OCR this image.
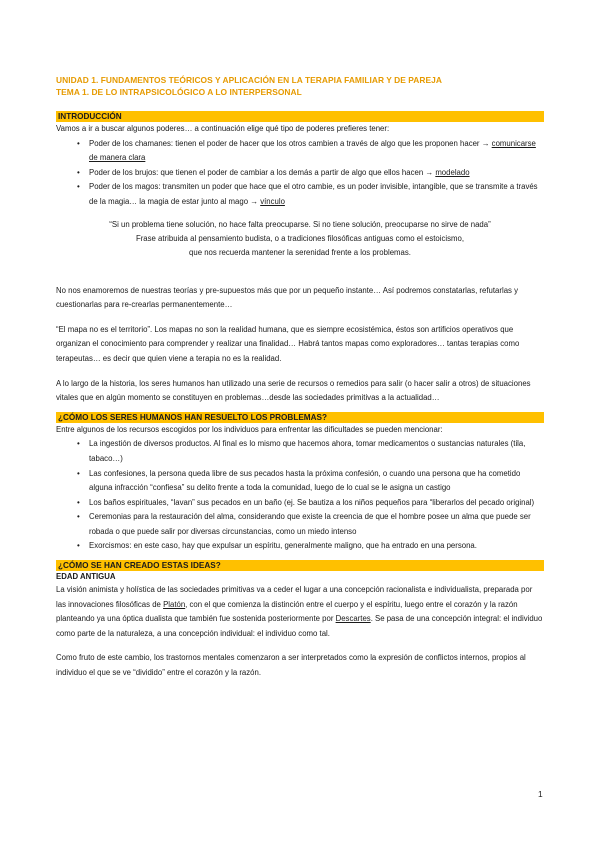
UNIDAD 1. FUNDAMENTOS TEÓRICOS Y APLICACIÓN EN LA TERAPIA FAMILIAR Y DE PAREJA
TEMA 1. DE LO INTRAPSICOLÓGICO A LO INTERPERSONAL
INTRODUCCIÓN
Vamos a ir a buscar algunos poderes… a continuación elige qué tipo de poderes prefieres tener:
• Poder de los chamanes: tienen el poder de hacer que los otros cambien a través de algo que les proponen hacer → comunicarse de manera clara
• Poder de los brujos: que tienen el poder de cambiar a los demás a partir de algo que ellos hacen → modelado
• Poder de los magos: transmiten un poder que hace que el otro cambie, es un poder invisible, intangible, que se transmite a través de la magia… la magia de estar junto al mago → vínculo
“Si un problema tiene solución, no hace falta preocuparse. Si no tiene solución, preocuparse no sirve de nada”
Frase atribuida al pensamiento budista, o a tradiciones filosóficas antiguas como el estoicismo,
que nos recuerda mantener la serenidad frente a los problemas.
No nos enamoremos de nuestras teorías y pre-supuestos más que por un pequeño instante… Así podremos constatarlas, refutarlas y cuestionarlas para re-crearlas permanentemente…
“El mapa no es el territorio”. Los mapas no son la realidad humana, que es siempre ecosistémica, éstos son artificios operativos que organizan el conocimiento para comprender y realizar una finalidad… Habrá tantos mapas como exploradores… tantas terapias como terapeutas… es decir que quien viene a terapia no es la realidad.
A lo largo de la historia, los seres humanos han utilizado una serie de recursos o remedios para salir (o hacer salir a otros) de situaciones vitales que en algún momento se constituyen en problemas…desde las sociedades primitivas a la actualidad…
¿CÓMO LOS SERES HUMANOS HAN RESUELTO LOS PROBLEMAS?
Entre algunos de los recursos escogidos por los individuos para enfrentar las dificultades se pueden mencionar:
• La ingestión de diversos productos. Al final es lo mismo que hacemos ahora, tomar medicamentos o sustancias naturales (tila, tabaco…)
• Las confesiones, la persona queda libre de sus pecados hasta la próxima confesión, o cuando una persona que ha cometido alguna infracción “confiesa” su delito frente a toda la comunidad, luego de lo cual se le asigna un castigo
• Los baños espirituales, “lavan” sus pecados en un baño (ej. Se bautiza a los niños pequeños para “liberarlos del pecado original)
• Ceremonias para la restauración del alma, considerando que existe la creencia de que el hombre posee un alma que puede ser robada o que puede salir por diversas circunstancias, como un miedo intenso
• Exorcismos: en este caso, hay que expulsar un espíritu, generalmente maligno, que ha entrado en una persona.
¿CÓMO SE HAN CREADO ESTAS IDEAS?
EDAD ANTIGUA
La visión animista y holística de las sociedades primitivas va a ceder el lugar a una concepción racionalista e individualista, preparada por las innovaciones filosóficas de Platón, con el que comienza la distinción entre el cuerpo y el espíritu, luego entre el corazón y la razón planteando ya una óptica dualista que también fue sostenida posteriormente por Descartes. Se pasa de una concepción integral: el individuo como parte de la naturaleza, a una concepción individual: el individuo como tal.
Como fruto de este cambio, los trastornos mentales comenzaron a ser interpretados como la expresión de conflictos internos, propios al individuo el que se ve “dividido” entre el corazón y la razón.
1
